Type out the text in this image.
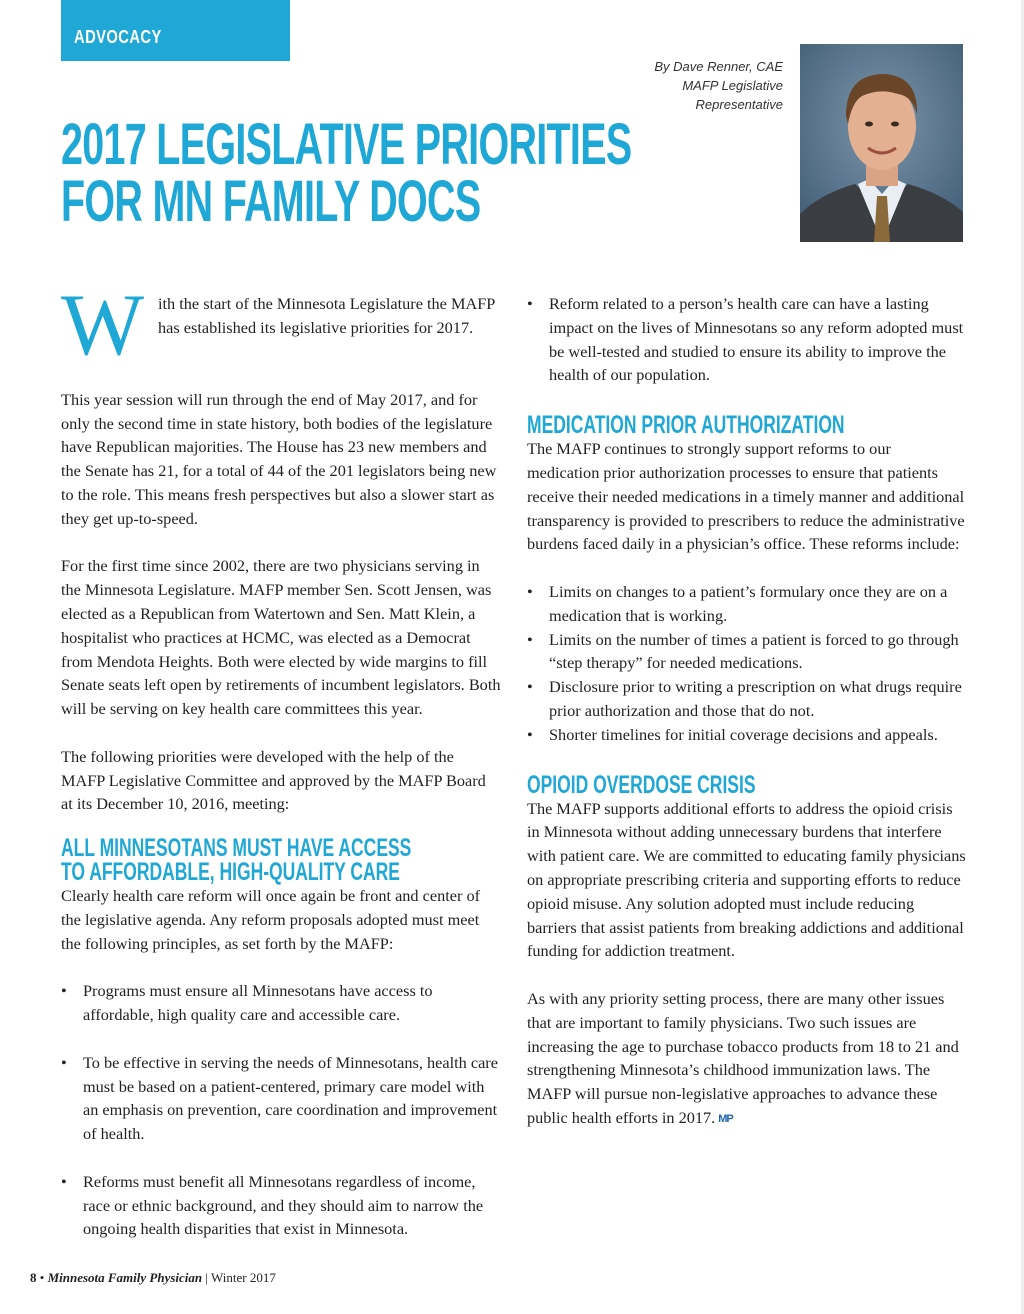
ADVOCACY
By Dave Renner, CAE
MAFP Legislative
Representative
2017 LEGISLATIVE PRIORITIES
FOR MN FAMILY DOCS
W ith the start of the Minnesota Legislature the MAFP has established its legislative priorities for 2017.

This year session will run through the end of May 2017, and for only the second time in state history, both bodies of the legislature have Republican majorities. The House has 23 new members and the Senate has 21, for a total of 44 of the 201 legislators being new to the role. This means fresh perspectives but also a slower start as they get up-to-speed.

For the first time since 2002, there are two physicians serving in the Minnesota Legislature. MAFP member Sen. Scott Jensen, was elected as a Republican from Watertown and Sen. Matt Klein, a hospitalist who practices at HCMC, was elected as a Democrat from Mendota Heights. Both were elected by wide margins to fill Senate seats left open by retirements of incumbent legislators. Both will be serving on key health care committees this year.

The following priorities were developed with the help of the MAFP Legislative Committee and approved by the MAFP Board at its December 10, 2016, meeting:

ALL MINNESOTANS MUST HAVE ACCESS
TO AFFORDABLE, HIGH-QUALITY CARE

Clearly health care reform will once again be front and center of the legislative agenda. Any reform proposals adopted must meet the following principles, as set forth by the MAFP:

• Programs must ensure all Minnesotans have access to affordable, high quality care and accessible care.
• To be effective in serving the needs of Minnesotans, health care must be based on a patient-centered, primary care model with an emphasis on prevention, care coordination and improvement of health.
• Reforms must benefit all Minnesotans regardless of income, race or ethnic background, and they should aim to narrow the ongoing health disparities that exist in Minnesota.
• Reform related to a person’s health care can have a lasting impact on the lives of Minnesotans so any reform adopted must be well-tested and studied to ensure its ability to improve the health of our population.
MEDICATION PRIOR AUTHORIZATION

The MAFP continues to strongly support reforms to our medication prior authorization processes to ensure that patients receive their needed medications in a timely manner and additional transparency is provided to prescribers to reduce the administrative burdens faced daily in a physician’s office. These reforms include:

• Limits on changes to a patient’s formulary once they are on a medication that is working.
• Limits on the number of times a patient is forced to go through “step therapy” for needed medications.
• Disclosure prior to writing a prescription on what drugs require prior authorization and those that do not.
• Shorter timelines for initial coverage decisions and appeals.
OPIOID OVERDOSE CRISIS

The MAFP supports additional efforts to address the opioid crisis in Minnesota without adding unnecessary burdens that interfere with patient care. We are committed to educating family physicians on appropriate prescribing criteria and supporting efforts to reduce opioid misuse. Any solution adopted must include reducing barriers that assist patients from breaking addictions and additional funding for addiction treatment.

As with any priority setting process, there are many other issues that are important to family physicians. Two such issues are increasing the age to purchase tobacco products from 18 to 21 and strengthening Minnesota’s childhood immunization laws. The MAFP will pursue non-legislative approaches to advance these public health efforts in 2017. MP

8 • Minnesota Family Physician | Winter 2017
